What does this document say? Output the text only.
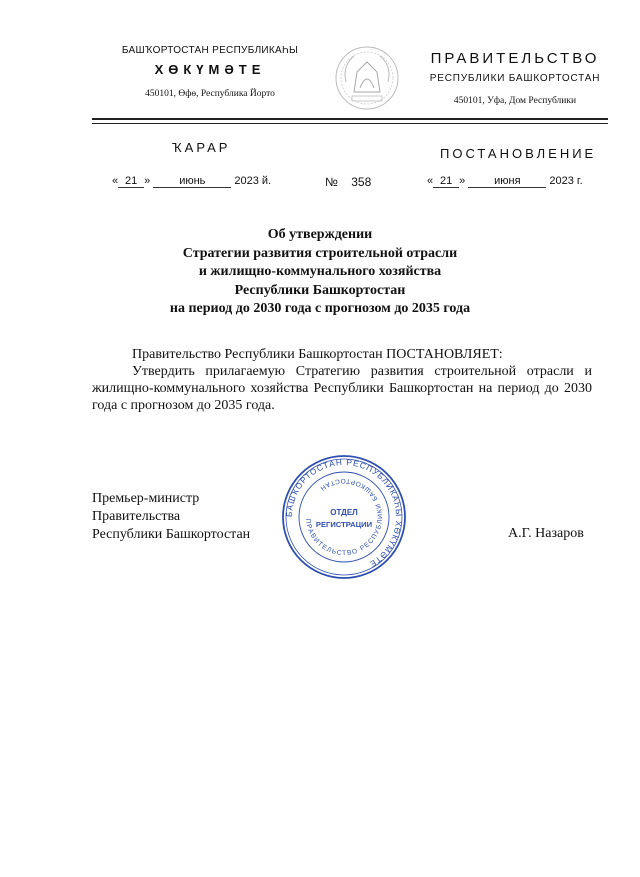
БАШҠОРТОСТАН РЕСПУБЛИКАҺЫ
ХӨКҮМӘТЕ
450101, Өфө, Республика Йорто
ПРАВИТЕЛЬСТВО
РЕСПУБЛИКИ БАШКОРТОСТАН
450101, Уфа, Дом Республики
ҠАРАР	ПОСТАНОВЛЕНИЕ
« 21 »	июнь	2023 й.	№ 358	« 21 »	июня	2023 г.
Об утверждении
Стратегии развития строительной отрасли
и жилищно-коммунального хозяйства
Республики Башкортостан
на период до 2030 года с прогнозом до 2035 года
Правительство Республики Башкортостан ПОСТАНОВЛЯЕТ:
Утвердить прилагаемую Стратегию развития строительной отрасли и жилищно-коммунального хозяйства Республики Башкортостан на период до 2030 года с прогнозом до 2035 года.
Премьер-министр
Правительства
Республики Башкортостан	А.Г. Назаров
БАШҠОРТОСТАН РЕСПУБЛИКАҺЫ ХӨКҮМӘТЕ
ПРАВИТЕЛЬСТВО РЕСПУБЛИКИ БАШКОРТОСТАН
ОТДЕЛ
РЕГИСТРАЦИИ
